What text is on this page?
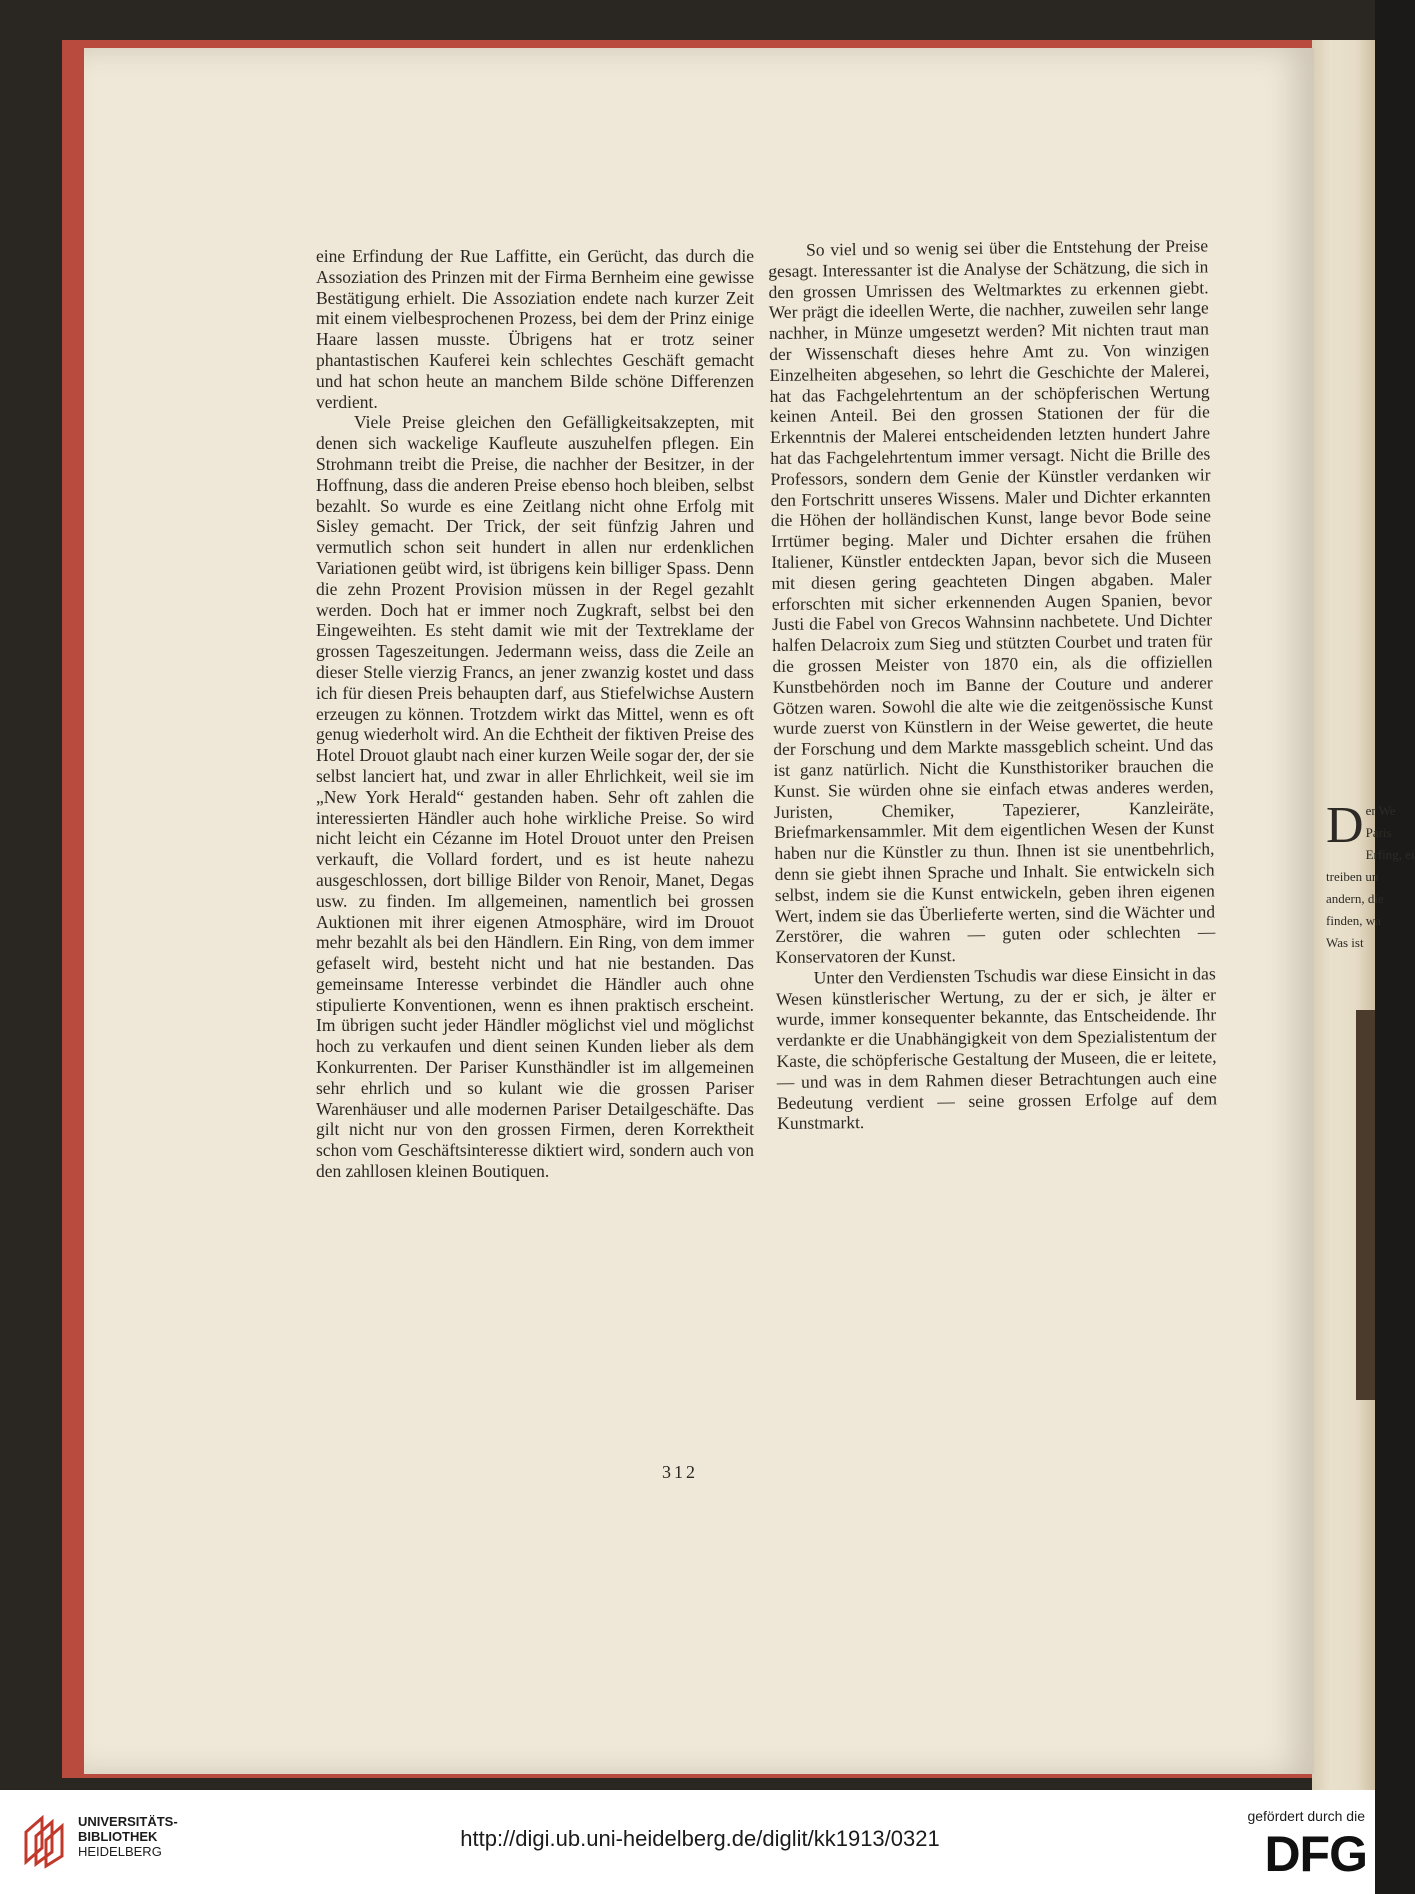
D er We
Paris
Erfing, ei
treiben un
andern, die
finden, wa
Was ist

eine Erfindung der Rue Laffitte, ein Gerücht, das durch die Assoziation des Prinzen mit der Firma Bernheim eine gewisse Bestätigung erhielt. Die Assoziation endete nach kurzer Zeit mit einem vielbesprochenen Prozess, bei dem der Prinz einige Haare lassen musste. Übrigens hat er trotz seiner phantastischen Kauferei kein schlechtes Geschäft gemacht und hat schon heute an manchem Bilde schöne Differenzen verdient.

Viele Preise gleichen den Gefälligkeitsakzepten, mit denen sich wackelige Kaufleute auszuhelfen pflegen. Ein Strohmann treibt die Preise, die nachher der Besitzer, in der Hoffnung, dass die anderen Preise ebenso hoch bleiben, selbst bezahlt. So wurde es eine Zeitlang nicht ohne Erfolg mit Sisley gemacht. Der Trick, der seit fünfzig Jahren und vermutlich schon seit hundert in allen nur erdenklichen Variationen geübt wird, ist übrigens kein billiger Spass. Denn die zehn Prozent Provision müssen in der Regel gezahlt werden. Doch hat er immer noch Zugkraft, selbst bei den Eingeweihten. Es steht damit wie mit der Textreklame der grossen Tageszeitungen. Jedermann weiss, dass die Zeile an dieser Stelle vierzig Francs, an jener zwanzig kostet und dass ich für diesen Preis behaupten darf, aus Stiefelwichse Austern erzeugen zu können. Trotzdem wirkt das Mittel, wenn es oft genug wiederholt wird. An die Echtheit der fiktiven Preise des Hotel Drouot glaubt nach einer kurzen Weile sogar der, der sie selbst lanciert hat, und zwar in aller Ehrlichkeit, weil sie im „New York Herald“ gestanden haben. Sehr oft zahlen die interessierten Händler auch hohe wirkliche Preise. So wird nicht leicht ein Cézanne im Hotel Drouot unter den Preisen verkauft, die Vollard fordert, und es ist heute nahezu ausgeschlossen, dort billige Bilder von Renoir, Manet, Degas usw. zu finden. Im allgemeinen, namentlich bei grossen Auktionen mit ihrer eigenen Atmosphäre, wird im Drouot mehr bezahlt als bei den Händlern. Ein Ring, von dem immer gefaselt wird, besteht nicht und hat nie bestanden. Das gemeinsame Interesse verbindet die Händler auch ohne stipulierte Konventionen, wenn es ihnen praktisch erscheint. Im übrigen sucht jeder Händler möglichst viel und möglichst hoch zu verkaufen und dient seinen Kunden lieber als dem Konkurrenten. Der Pariser Kunsthändler ist im allgemeinen sehr ehrlich und so kulant wie die grossen Pariser Warenhäuser und alle modernen Pariser Detailgeschäfte. Das gilt nicht nur von den grossen Firmen, deren Korrektheit schon vom Geschäftsinteresse diktiert wird, sondern auch von den zahllosen kleinen Boutiquen.

So viel und so wenig sei über die Entstehung der Preise gesagt. Interessanter ist die Analyse der Schätzung, die sich in den grossen Umrissen des Weltmarktes zu erkennen giebt. Wer prägt die ideellen Werte, die nachher, zuweilen sehr lange nachher, in Münze umgesetzt werden? Mit nichten traut man der Wissenschaft dieses hehre Amt zu. Von winzigen Einzelheiten abgesehen, so lehrt die Geschichte der Malerei, hat das Fachgelehrtentum an der schöpferischen Wertung keinen Anteil. Bei den grossen Stationen der für die Erkenntnis der Malerei entscheidenden letzten hundert Jahre hat das Fachgelehrtentum immer versagt. Nicht die Brille des Professors, sondern dem Genie der Künstler verdanken wir den Fortschritt unseres Wissens. Maler und Dichter erkannten die Höhen der holländischen Kunst, lange bevor Bode seine Irrtümer beging. Maler und Dichter ersahen die frühen Italiener, Künstler entdeckten Japan, bevor sich die Museen mit diesen gering geachteten Dingen abgaben. Maler erforschten mit sicher erkennenden Augen Spanien, bevor Justi die Fabel von Grecos Wahnsinn nachbetete. Und Dichter halfen Delacroix zum Sieg und stützten Courbet und traten für die grossen Meister von 1870 ein, als die offiziellen Kunstbehörden noch im Banne der Couture und anderer Götzen waren. Sowohl die alte wie die zeitgenössische Kunst wurde zuerst von Künstlern in der Weise gewertet, die heute der Forschung und dem Markte massgeblich scheint. Und das ist ganz natürlich. Nicht die Kunsthistoriker brauchen die Kunst. Sie würden ohne sie einfach etwas anderes werden, Juristen, Chemiker, Tapezierer, Kanzleiräte, Briefmarkensammler. Mit dem eigentlichen Wesen der Kunst haben nur die Künstler zu thun. Ihnen ist sie unentbehrlich, denn sie giebt ihnen Sprache und Inhalt. Sie entwickeln sich selbst, indem sie die Kunst entwickeln, geben ihren eigenen Wert, indem sie das Überlieferte werten, sind die Wächter und Zerstörer, die wahren — guten oder schlechten — Konservatoren der Kunst.

Unter den Verdiensten Tschudis war diese Einsicht in das Wesen künstlerischer Wertung, zu der er sich, je älter er wurde, immer konsequenter bekannte, das Entscheidende. Ihr verdankte er die Unabhängigkeit von dem Spezialistentum der Kaste, die schöpferische Gestaltung der Museen, die er leitete, — und was in dem Rahmen dieser Betrachtungen auch eine Bedeutung verdient — seine grossen Erfolge auf dem Kunstmarkt.

312
UNIVERSITÄTS-
BIBLIOTHEK
HEIDELBERG
http://digi.ub.uni-heidelberg.de/diglit/kk1913/0321
gefördert durch die
DFG
